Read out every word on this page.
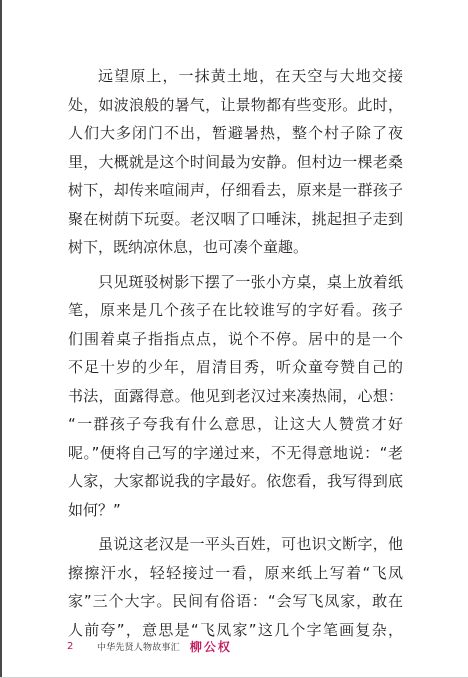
远望原上，一抹黄土地，在天空与大地交接
处，如波浪般的暑气，让景物都有些变形。此时，
人们大多闭门不出，暂避暑热，整个村子除了夜
里，大概就是这个时间最为安静。但村边一棵老桑
树下，却传来喧闹声，仔细看去，原来是一群孩子
聚在树荫下玩耍。老汉咽了口唾沫，挑起担子走到
树下，既纳凉休息，也可凑个童趣。
只见斑驳树影下摆了一张小方桌，桌上放着纸
笔，原来是几个孩子在比较谁写的字好看。孩子
们围着桌子指指点点，说个不停。居中的是一个
不足十岁的少年，眉清目秀，听众童夸赞自己的
书法，面露得意。他见到老汉过来凑热闹，心想：
“一群孩子夸我有什么意思，让这大人赞赏才好
呢。”便将自己写的字递过来，不无得意地说：“老
人家，大家都说我的字最好。依您看，我写得到底
如何？”
虽说这老汉是一平头百姓，可也识文断字，他
擦擦汗水，轻轻接过一看，原来纸上写着“飞凤
家”三个大字。民间有俗语：“会写飞凤家，敢在
人前夸”，意思是“飞凤家”这几个字笔画复杂，
2	中华先贤人物故事汇 柳公权
